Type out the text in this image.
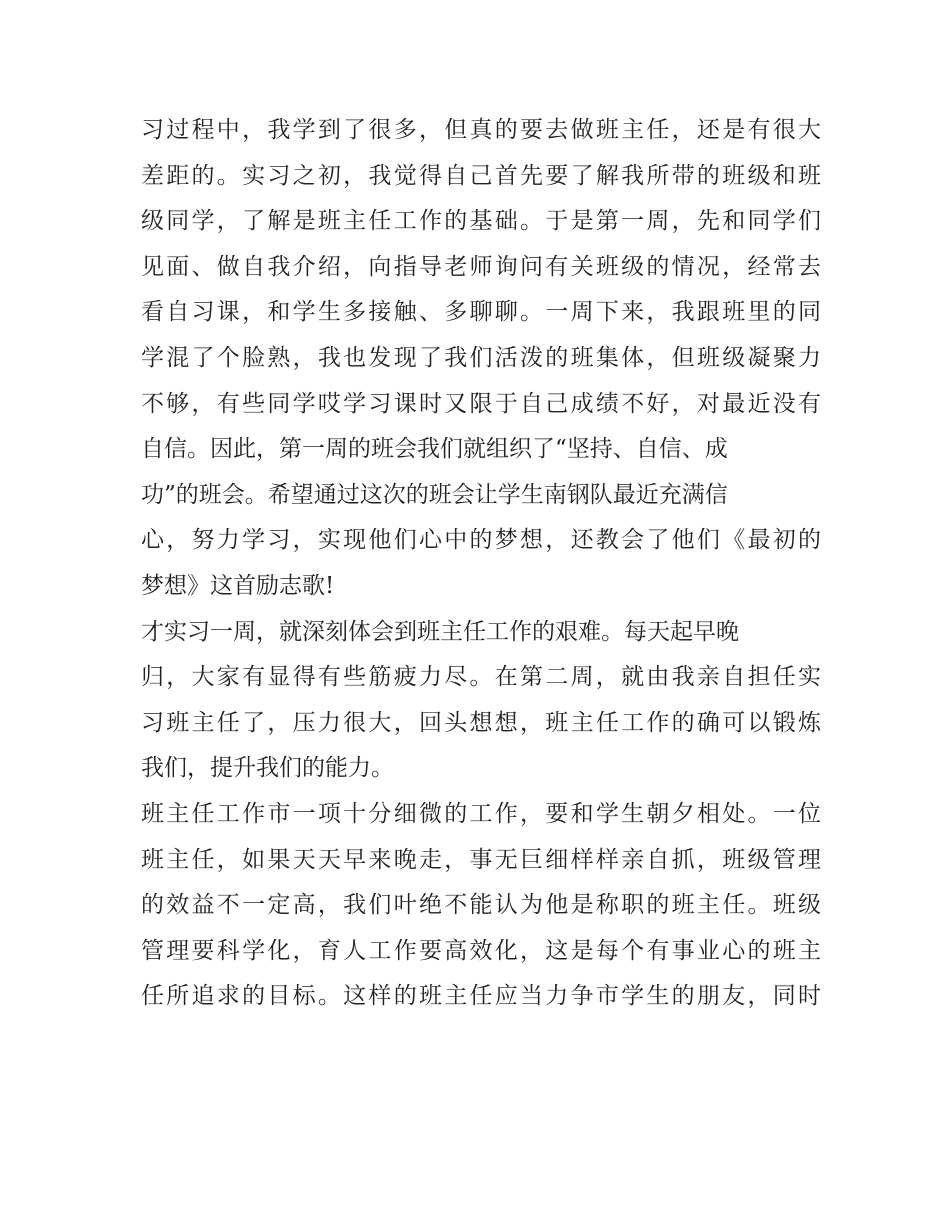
习过程中，我学到了很多，但真的要去做班主任，还是有很大
差距的。实习之初，我觉得自己首先要了解我所带的班级和班
级同学，了解是班主任工作的基础。于是第一周，先和同学们
见面、做自我介绍，向指导老师询问有关班级的情况，经常去
看自习课，和学生多接触、多聊聊。一周下来，我跟班里的同
学混了个脸熟，我也发现了我们活泼的班集体，但班级凝聚力
不够，有些同学哎学习课时又限于自己成绩不好，对最近没有
自信。因此，第一周的班会我们就组织了“坚持、自信、成
功”的班会。希望通过这次的班会让学生南钢队最近充满信
心，努力学习，实现他们心中的梦想，还教会了他们《最初的
梦想》这首励志歌!
才实习一周，就深刻体会到班主任工作的艰难。每天起早晚
归，大家有显得有些筋疲力尽。在第二周，就由我亲自担任实
习班主任了，压力很大，回头想想，班主任工作的确可以锻炼
我们，提升我们的能力。
班主任工作市一项十分细微的工作，要和学生朝夕相处。一位
班主任，如果天天早来晚走，事无巨细样样亲自抓，班级管理
的效益不一定高，我们叶绝不能认为他是称职的班主任。班级
管理要科学化，育人工作要高效化，这是每个有事业心的班主
任所追求的目标。这样的班主任应当力争市学生的朋友，同时
